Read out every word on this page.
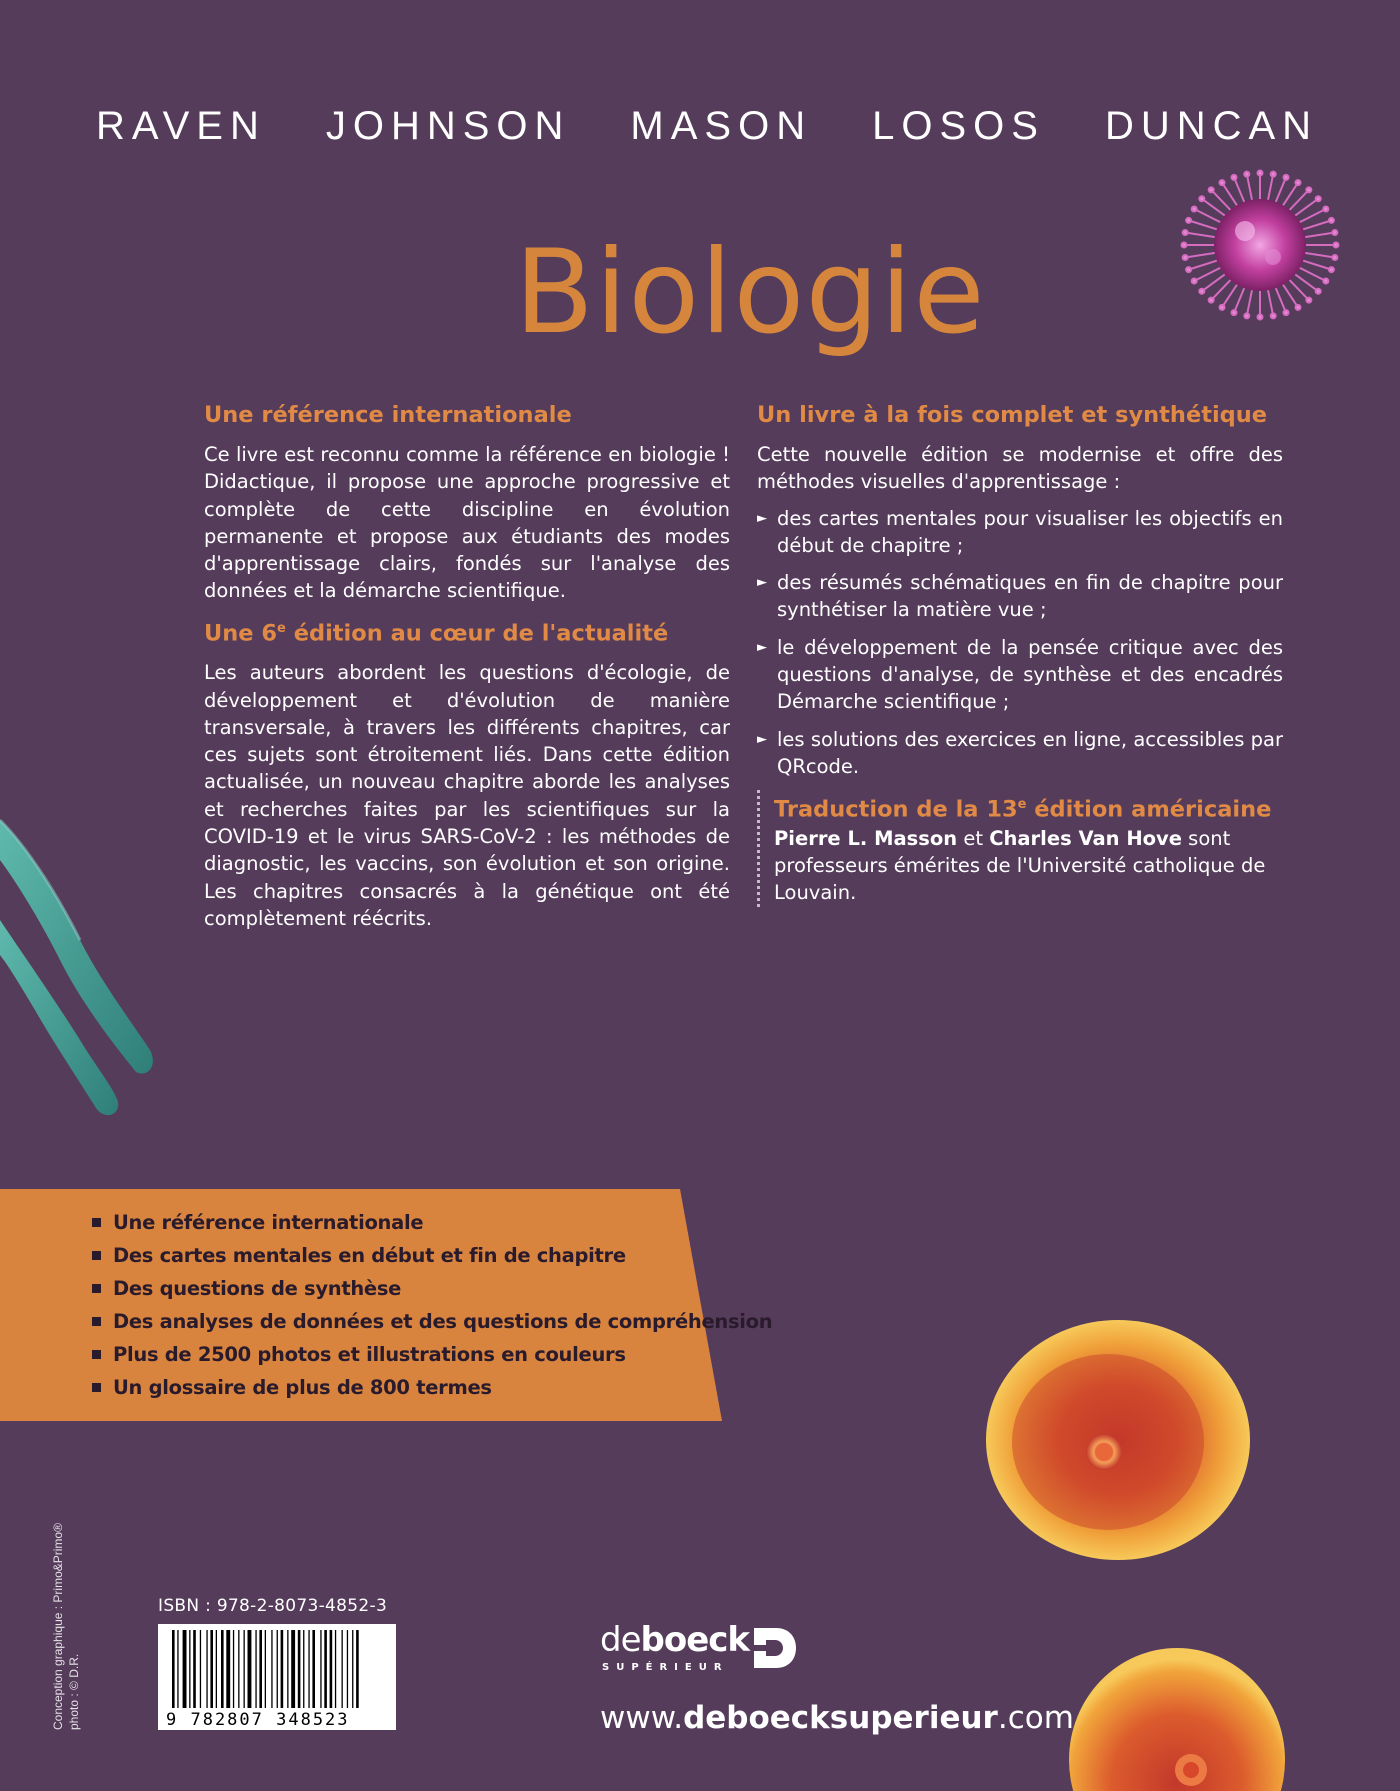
RAVEN	JOHNSON	MASON	LOSOS	DUNCAN
Biologie
Une référence internationale
Ce livre est reconnu comme la référence en biologie ! Didactique, il propose une approche progressive et complète de cette discipline en évolution permanente et propose aux étudiants des modes d'apprentissage clairs, fondés sur l'analyse des données et la démarche scientifique.
Une 6e édition au cœur de l'actualité
Les auteurs abordent les questions d'écologie, de développement et d'évolution de manière transversale, à travers les différents chapitres, car ces sujets sont étroitement liés. Dans cette édition actualisée, un nouveau chapitre aborde les analyses et recherches faites par les scientifiques sur la COVID-19 et le virus SARS-CoV-2 : les méthodes de diagnostic, les vaccins, son évolution et son origine. Les chapitres consacrés à la génétique ont été complètement réécrits.
Un livre à la fois complet et synthétique
Cette nouvelle édition se modernise et offre des méthodes visuelles d'apprentissage :
► des cartes mentales pour visualiser les objectifs en début de chapitre ;
► des résumés schématiques en fin de chapitre pour synthétiser la matière vue ;
► le développement de la pensée critique avec des questions d'analyse, de synthèse et des encadrés Démarche scientifique ;
► les solutions des exercices en ligne, accessibles par QRcode.
Traduction de la 13e édition américaine
Pierre L. Masson et Charles Van Hove sont professeurs émérites de l'Université catholique de Louvain.
Une référence internationale
Des cartes mentales en début et fin de chapitre
Des questions de synthèse
Des analyses de données et des questions de compréhension
Plus de 2500 photos et illustrations en couleurs
Un glossaire de plus de 800 termes
Conception graphique : Primo&Primo® photo : © D.R.
ISBN : 978-2-8073-4852-3
9 782807 348523
deboeck
SUPÉRIEUR
www.deboecksuperieur.com
